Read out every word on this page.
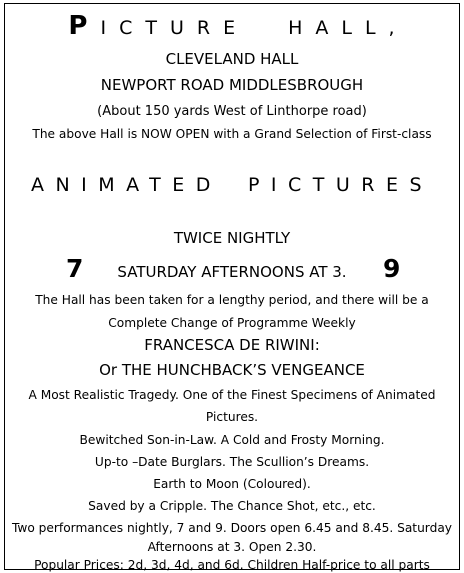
PICTURE HALL,
CLEVELAND HALL
NEWPORT ROAD MIDDLESBROUGH
(About 150 yards West of Linthorpe road)
The above Hall is NOW OPEN with a Grand Selection of First-class
ANIMATED PICTURES
TWICE NIGHTLY
7	SATURDAY AFTERNOONS AT 3.	9
The Hall has been taken for a lengthy period, and there will be a
Complete Change of Programme Weekly
FRANCESCA DE RIWINI:
Or THE HUNCHBACK’S VENGEANCE
A Most Realistic Tragedy. One of the Finest Specimens of Animated
Pictures.
Bewitched Son-in-Law. A Cold and Frosty Morning.
Up-to –Date Burglars. The Scullion’s Dreams.
Earth to Moon (Coloured).
Saved by a Cripple. The Chance Shot, etc., etc.
Two performances nightly, 7 and 9. Doors open 6.45 and 8.45. Saturday
Afternoons at 3. Open 2.30.
Popular Prices: 2d, 3d, 4d, and 6d. Children Half-price to all parts
